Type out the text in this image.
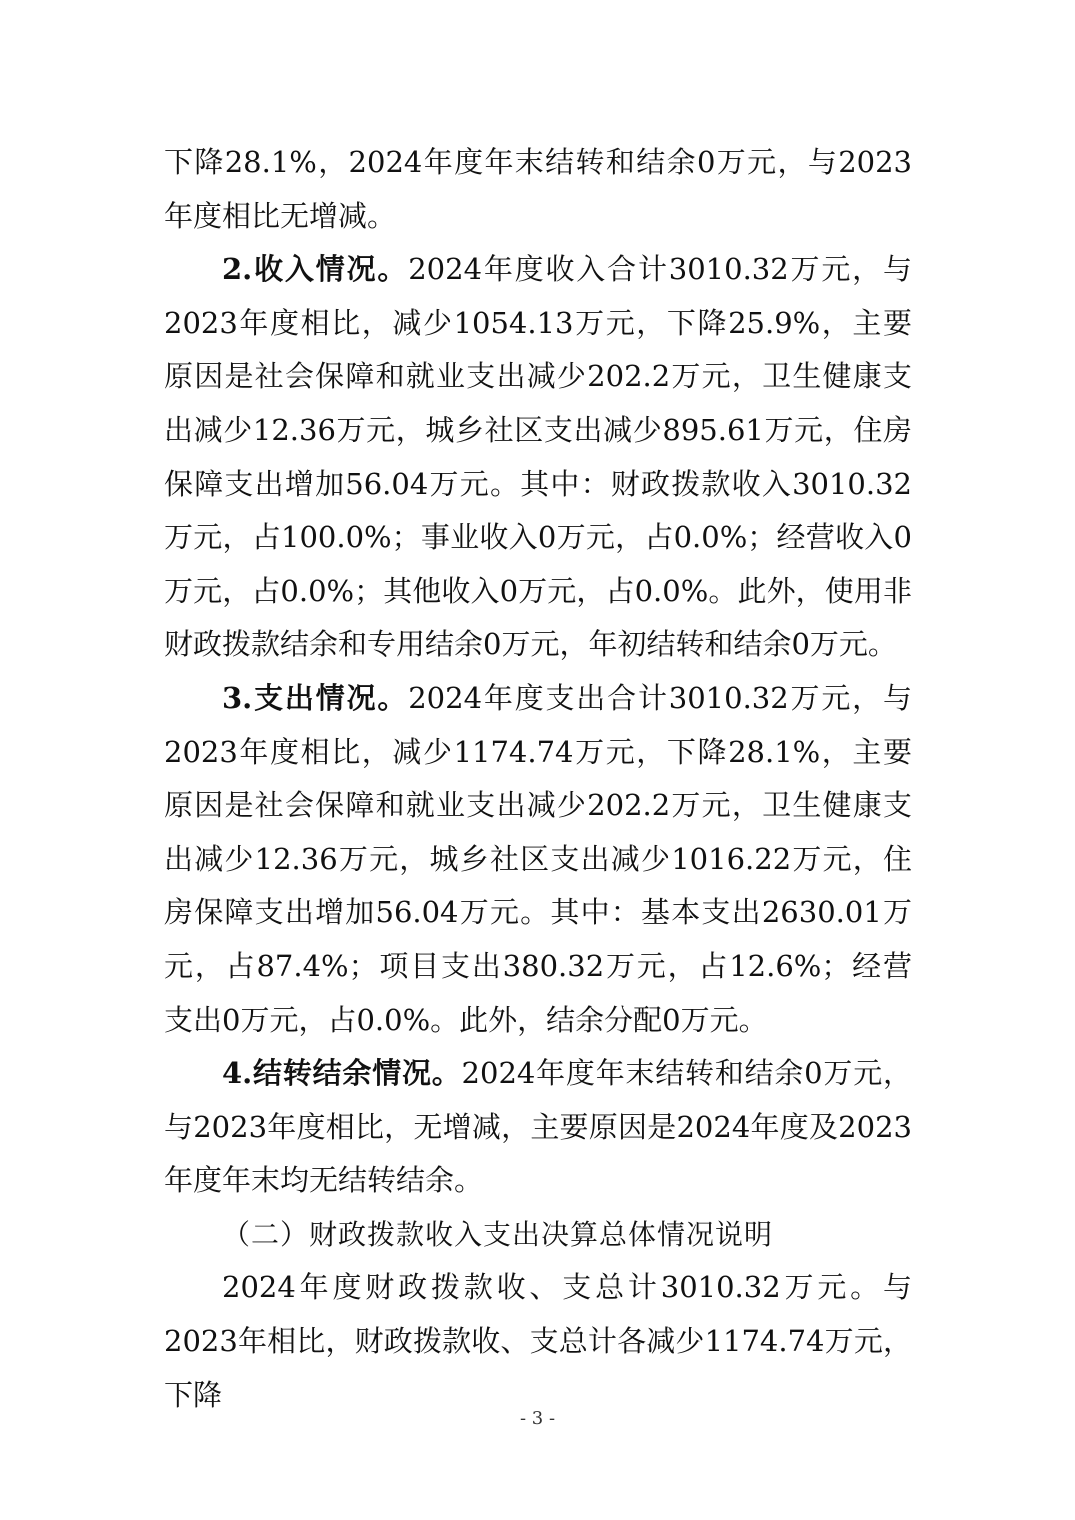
下降28.1%，2024年度年末结转和结余0万元，与2023年度相比无增减。

2.收入情况。2024年度收入合计3010.32万元，与2023年度相比，减少1054.13万元，下降25.9%，主要原因是社会保障和就业支出减少202.2万元，卫生健康支出减少12.36万元，城乡社区支出减少895.61万元，住房保障支出增加56.04万元。其中：财政拨款收入3010.32万元，占100.0%；事业收入0万元，占0.0%；经营收入0万元，占0.0%；其他收入0万元，占0.0%。此外，使用非财政拨款结余和专用结余0万元，年初结转和结余0万元。

3.支出情况。2024年度支出合计3010.32万元，与2023年度相比，减少1174.74万元，下降28.1%，主要原因是社会保障和就业支出减少202.2万元，卫生健康支出减少12.36万元，城乡社区支出减少1016.22万元，住房保障支出增加56.04万元。其中：基本支出2630.01万元，占87.4%；项目支出380.32万元，占12.6%；经营支出0万元，占0.0%。此外，结余分配0万元。

4.结转结余情况。2024年度年末结转和结余0万元，与2023年度相比，无增减，主要原因是2024年度及2023年度年末均无结转结余。

（二）财政拨款收入支出决算总体情况说明

2024年度财政拨款收、支总计3010.32万元。与2023年相比，财政拨款收、支总计各减少1174.74万元，下降

- 3 -
